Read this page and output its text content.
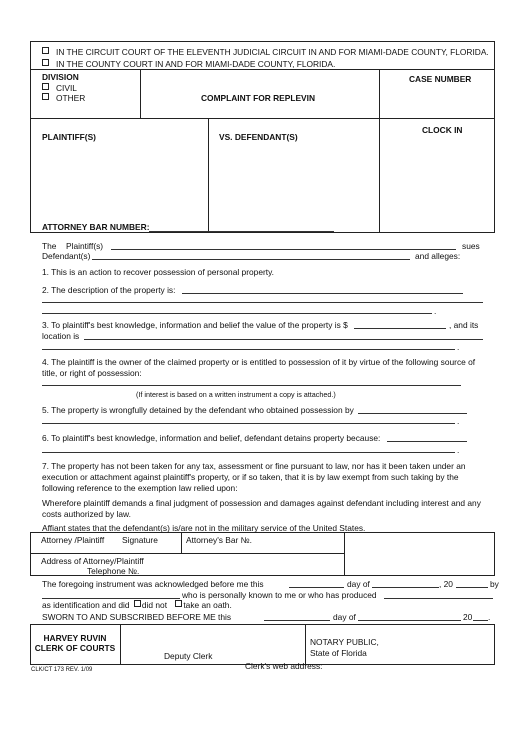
IN THE CIRCUIT COURT OF THE ELEVENTH JUDICIAL CIRCUIT IN AND FOR MIAMI-DADE COUNTY, FLORIDA.
IN THE COUNTY COURT IN AND FOR MIAMI-DADE COUNTY, FLORIDA.
DIVISION
CIVIL
OTHER	COMPLAINT FOR REPLEVIN
CASE NUMBER
PLAINTIFF(S)	VS. DEFENDANT(S)
CLOCK IN
ATTORNEY BAR NUMBER:
The Plaintiff(s)	sues
Defendant(s)	and alleges:
1. This is an action to recover possession of personal property.
2. The description of the property is:
.
3. To plaintiff's best knowledge, information and belief the value of the property is $	, and its
location is
.
4. The plaintiff is the owner of the claimed property or is entitled to possession of it by virtue of the following source of
title, or right of possession:
(If interest is based on a written instrument a copy is attached.)
5. The property is wrongfully detained by the defendant who obtained possession by
.
6. To plaintiff's best knowledge, information and belief, defendant detains property because:
.
7. The property has not been taken for any tax, assessment or fine pursuant to law, nor has it been taken under an
execution or attachment against plaintiff's property, or if so taken, that it is by law exempt from such taking by the
following reference to the exemption law relied upon:
Wherefore plaintiff demands a final judgment of possession and damages against defendant including interest and any
costs authorized by law.
Affiant states that the defendant(s) is/are not in the military service of the United States.
Attorney /Plaintiff Signature	Attorney's Bar №.
Address of Attorney/Plaintiff
Telephone №.
The foregoing instrument was acknowledged before me this	day of	, 20	by
who is personally known to me or who has produced
as identification and did did not take an oath.
SWORN TO AND SUBSCRIBED BEFORE ME this	day of	20 .
HARVEY RUVIN
CLERK OF COURTS
Deputy Clerk
NOTARY PUBLIC,
State of Florida
CLK/CT 173 REV. 1/09	Clerk's web address:
